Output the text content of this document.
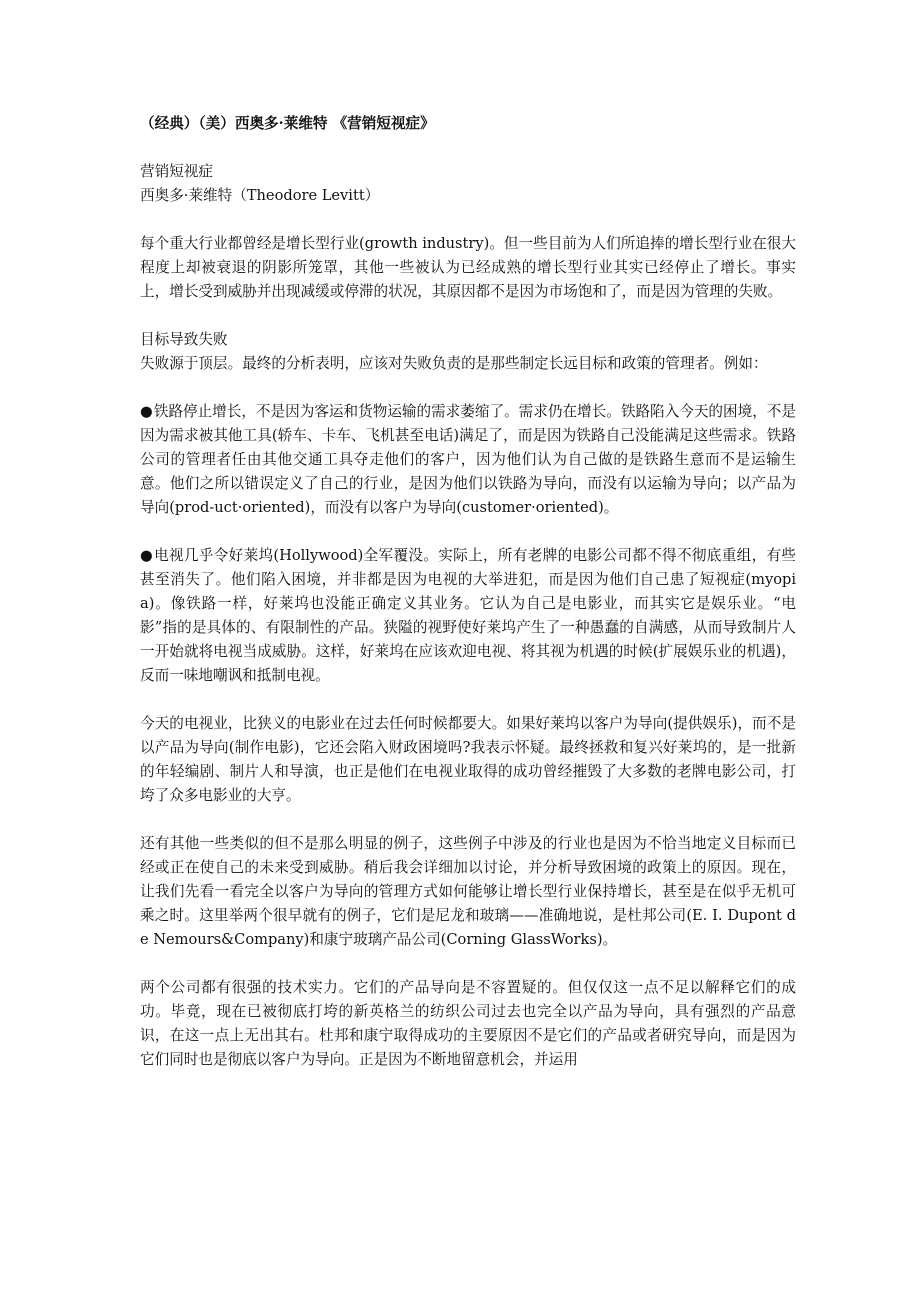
（经典）（美）西奥多·莱维特 《营销短视症》

营销短视症
西奥多·莱维特（Theodore Levitt）

每个重大行业都曾经是增长型行业(growth industry)。但一些目前为人们所追捧的增长型行业在很大程度上却被衰退的阴影所笼罩，其他一些被认为已经成熟的增长型行业其实已经停止了增长。事实上，增长受到威胁并出现减缓或停滞的状况，其原因都不是因为市场饱和了，而是因为管理的失败。

目标导致失败
失败源于顶层。最终的分析表明，应该对失败负责的是那些制定长远目标和政策的管理者。例如：

●铁路停止增长，不是因为客运和货物运输的需求萎缩了。需求仍在增长。铁路陷入今天的困境，不是因为需求被其他工具(轿车、卡车、飞机甚至电话)满足了，而是因为铁路自己没能满足这些需求。铁路公司的管理者任由其他交通工具夺走他们的客户，因为他们认为自己做的是铁路生意而不是运输生意。他们之所以错误定义了自己的行业，是因为他们以铁路为导向，而没有以运输为导向；以产品为导向(prod-uct·oriented)，而没有以客户为导向(customer·oriented)。

●电视几乎令好莱坞(Hollywood)全军覆没。实际上，所有老牌的电影公司都不得不彻底重组，有些甚至消失了。他们陷入困境，并非都是因为电视的大举进犯，而是因为他们自己患了短视症(myopia)。像铁路一样，好莱坞也没能正确定义其业务。它认为自己是电影业，而其实它是娱乐业。“电影”指的是具体的、有限制性的产品。狭隘的视野使好莱坞产生了一种愚蠢的自满感，从而导致制片人一开始就将电视当成威胁。这样，好莱坞在应该欢迎电视、将其视为机遇的时候(扩展娱乐业的机遇)，反而一味地嘲讽和抵制电视。

今天的电视业，比狭义的电影业在过去任何时候都要大。如果好莱坞以客户为导向(提供娱乐)，而不是以产品为导向(制作电影)，它还会陷入财政困境吗?我表示怀疑。最终拯救和复兴好莱坞的，是一批新的年轻编剧、制片人和导演，也正是他们在电视业取得的成功曾经摧毁了大多数的老牌电影公司，打垮了众多电影业的大亨。

还有其他一些类似的但不是那么明显的例子，这些例子中涉及的行业也是因为不恰当地定义目标而已经或正在使自己的未来受到威胁。稍后我会详细加以讨论，并分析导致困境的政策上的原因。现在，让我们先看一看完全以客户为导向的管理方式如何能够让增长型行业保持增长，甚至是在似乎无机可乘之时。这里举两个很早就有的例子，它们是尼龙和玻璃——准确地说，是杜邦公司(E. I. Dupont de Nemours&Company)和康宁玻璃产品公司(Corning GlassWorks)。

两个公司都有很强的技术实力。它们的产品导向是不容置疑的。但仅仅这一点不足以解释它们的成功。毕竟，现在已被彻底打垮的新英格兰的纺织公司过去也完全以产品为导向，具有强烈的产品意识，在这一点上无出其右。杜邦和康宁取得成功的主要原因不是它们的产品或者研究导向，而是因为它们同时也是彻底以客户为导向。正是因为不断地留意机会，并运用
